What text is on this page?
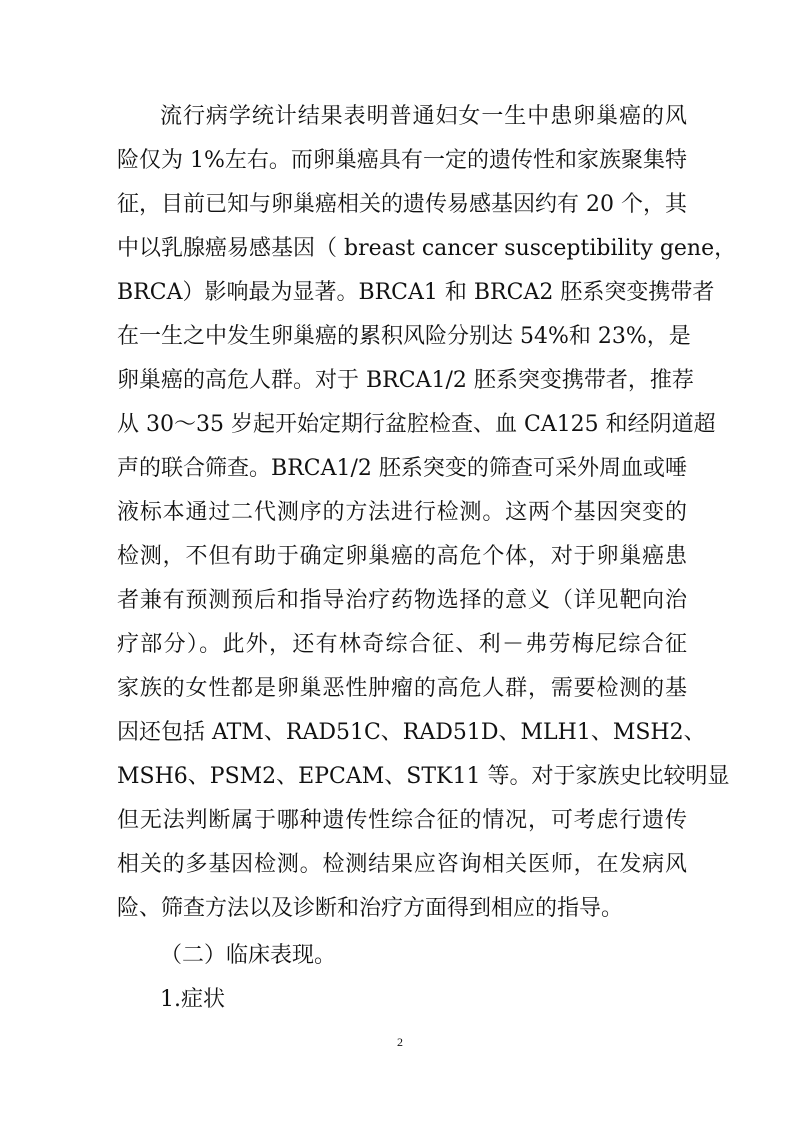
流行病学统计结果表明普通妇女一生中患卵巢癌的风
险仅为 1%左右。而卵巢癌具有一定的遗传性和家族聚集特
征，目前已知与卵巢癌相关的遗传易感基因约有 20 个，其
中以乳腺癌易感基因（ breast cancer susceptibility gene，
BRCA）影响最为显著。BRCA1 和 BRCA2 胚系突变携带者
在一生之中发生卵巢癌的累积风险分别达 54%和 23%，是
卵巢癌的高危人群。对于 BRCA1/2 胚系突变携带者，推荐
从 30～35 岁起开始定期行盆腔检查、血 CA125 和经阴道超
声的联合筛查。BRCA1/2 胚系突变的筛查可采外周血或唾
液标本通过二代测序的方法进行检测。这两个基因突变的
检测，不但有助于确定卵巢癌的高危个体，对于卵巢癌患
者兼有预测预后和指导治疗药物选择的意义（详见靶向治
疗部分）。此外，还有林奇综合征、利－弗劳梅尼综合征
家族的女性都是卵巢恶性肿瘤的高危人群，需要检测的基
因还包括 ATM、RAD51C、RAD51D、MLH1、MSH2、
MSH6、PSM2、EPCAM、STK11 等。对于家族史比较明显
但无法判断属于哪种遗传性综合征的情况，可考虑行遗传
相关的多基因检测。检测结果应咨询相关医师，在发病风
险、筛查方法以及诊断和治疗方面得到相应的指导。
（二）临床表现。
1.症状
2
